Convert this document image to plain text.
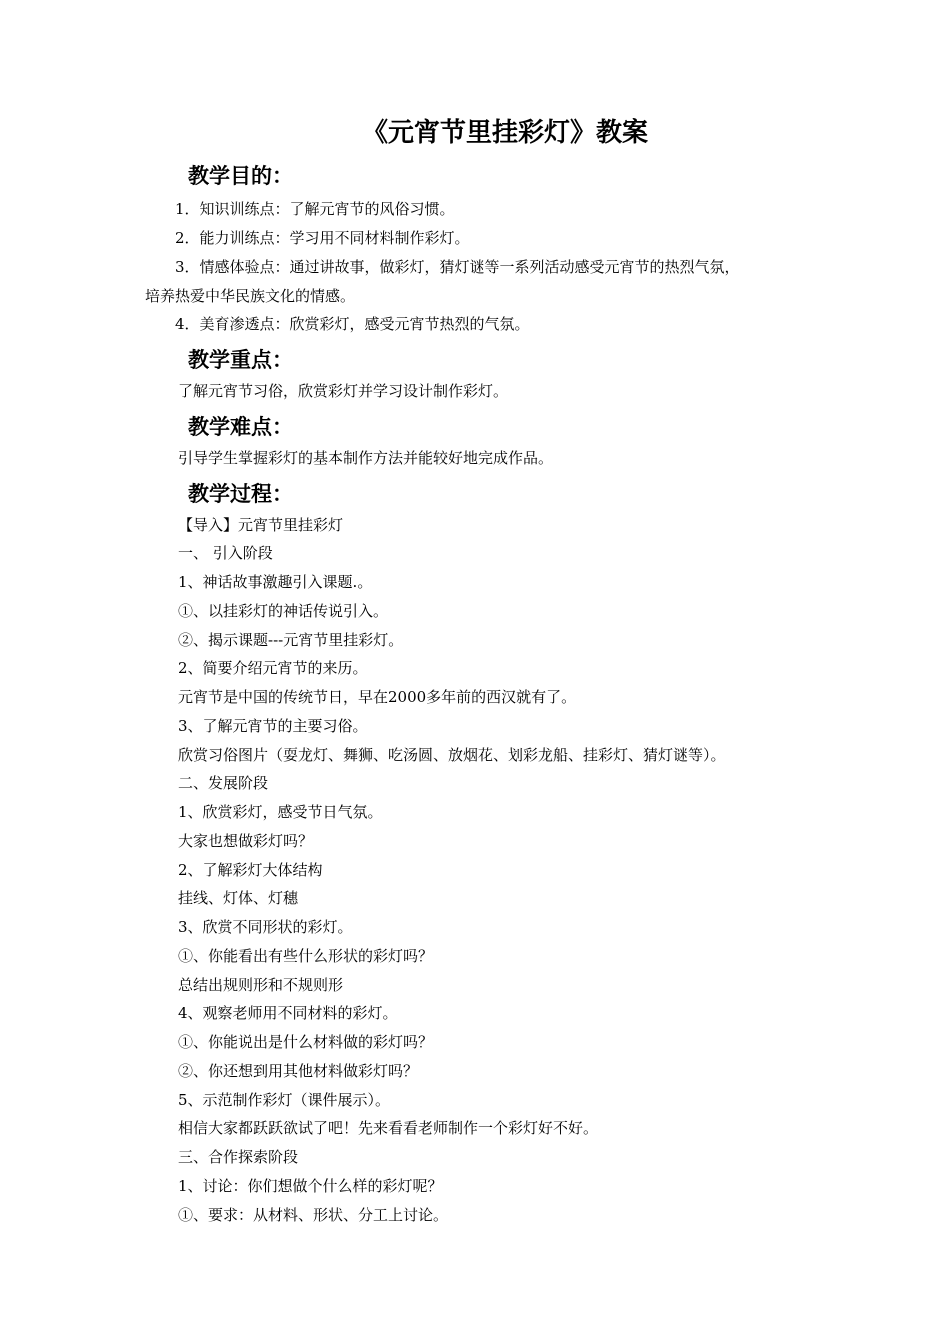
《元宵节里挂彩灯》教案
教学目的：
1．知识训练点：了解元宵节的风俗习惯。
2．能力训练点：学习用不同材料制作彩灯。
3．情感体验点：通过讲故事，做彩灯，猜灯谜等一系列活动感受元宵节的热烈气氛，
培养热爱中华民族文化的情感。
4．美育渗透点：欣赏彩灯，感受元宵节热烈的气氛。
教学重点：
了解元宵节习俗，欣赏彩灯并学习设计制作彩灯。
教学难点：
引导学生掌握彩灯的基本制作方法并能较好地完成作品。
教学过程：
【导入】元宵节里挂彩灯
一、 引入阶段
1、神话故事激趣引入课题.。
①、以挂彩灯的神话传说引入。
②、揭示课题---元宵节里挂彩灯。
2、简要介绍元宵节的来历。
元宵节是中国的传统节日，早在2000多年前的西汉就有了。
3、了解元宵节的主要习俗。
欣赏习俗图片（耍龙灯、舞狮、吃汤圆、放烟花、划彩龙船、挂彩灯、猜灯谜等）。
二、发展阶段
1、欣赏彩灯，感受节日气氛。
大家也想做彩灯吗？
2、了解彩灯大体结构
挂线、灯体、灯穗
3、欣赏不同形状的彩灯。
①、你能看出有些什么形状的彩灯吗？
总结出规则形和不规则形
4、观察老师用不同材料的彩灯。
①、你能说出是什么材料做的彩灯吗？
②、你还想到用其他材料做彩灯吗？
5、示范制作彩灯（课件展示）。
相信大家都跃跃欲试了吧！先来看看老师制作一个彩灯好不好。
三、合作探索阶段
1、讨论：你们想做个什么样的彩灯呢？
①、要求：从材料、形状、分工上讨论。
